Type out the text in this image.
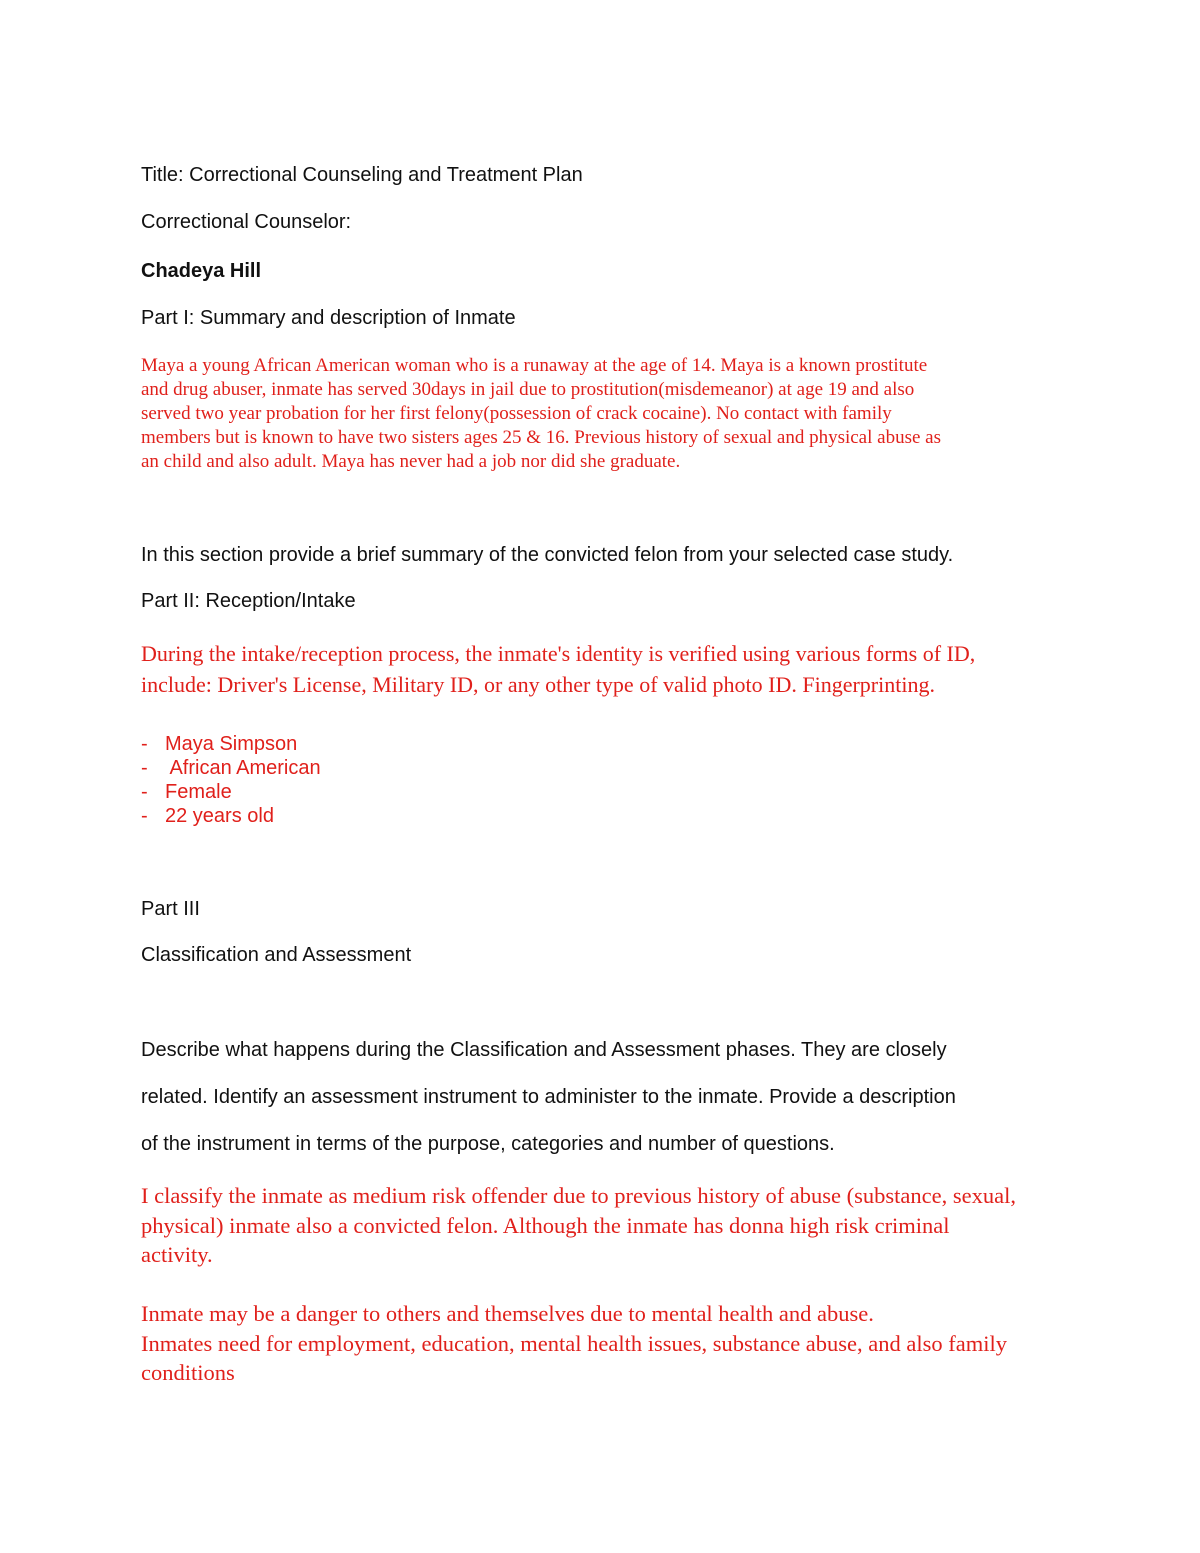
Title: Correctional Counseling and Treatment Plan

Correctional Counselor:

Chadeya Hill

Part I: Summary and description of Inmate

Maya a young African American woman who is a runaway at the age of 14. Maya is a known prostitute

and drug abuser, inmate has served 30days in jail due to prostitution(misdemeanor) at age 19 and also

served two year probation for her first felony(possession of crack cocaine). No contact with family

members but is known to have two sisters ages 25 & 16. Previous history of sexual and physical abuse as

an child and also adult. Maya has never had a job nor did she graduate.

In this section provide a brief summary of the convicted felon from your selected case study.

Part II: Reception/Intake

During the intake/reception process, the inmate's identity is verified using various forms of ID,

include: Driver's License, Military ID, or any other type of valid photo ID. Fingerprinting.

- Maya Simpson
- African American
- Female
- 22 years old

Part III

Classification and Assessment

Describe what happens during the Classification and Assessment phases. They are closely

related. Identify an assessment instrument to administer to the inmate. Provide a description

of the instrument in terms of the purpose, categories and number of questions.

I classify the inmate as medium risk offender due to previous history of abuse (substance, sexual,

physical) inmate also a convicted felon. Although the inmate has donna high risk criminal

activity.

Inmate may be a danger to others and themselves due to mental health and abuse.

Inmates need for employment, education, mental health issues, substance abuse, and also family

conditions
